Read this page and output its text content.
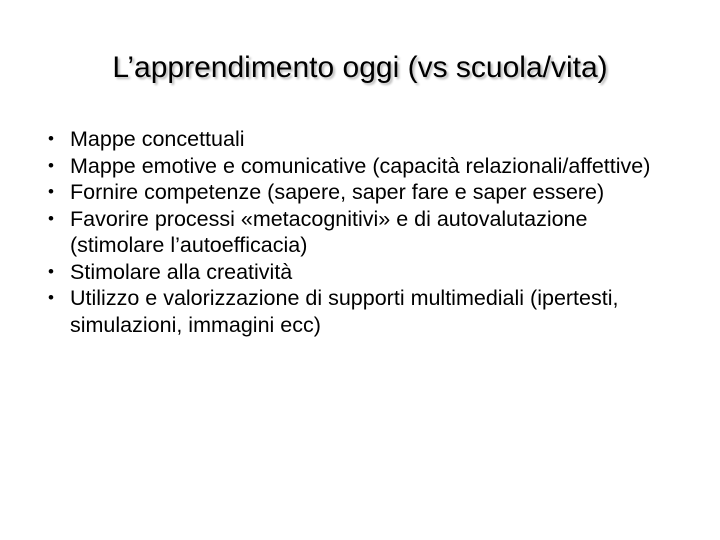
L’apprendimento oggi (vs scuola/vita)
• Mappe concettuali
• Mappe emotive e comunicative (capacità relazionali/affettive)
• Fornire competenze (sapere, saper fare e saper essere)
• Favorire processi «metacognitivi» e di autovalutazione (stimolare l’autoefficacia)
• Stimolare alla creatività
• Utilizzo e valorizzazione di supporti multimediali (ipertesti, simulazioni, immagini ecc)
